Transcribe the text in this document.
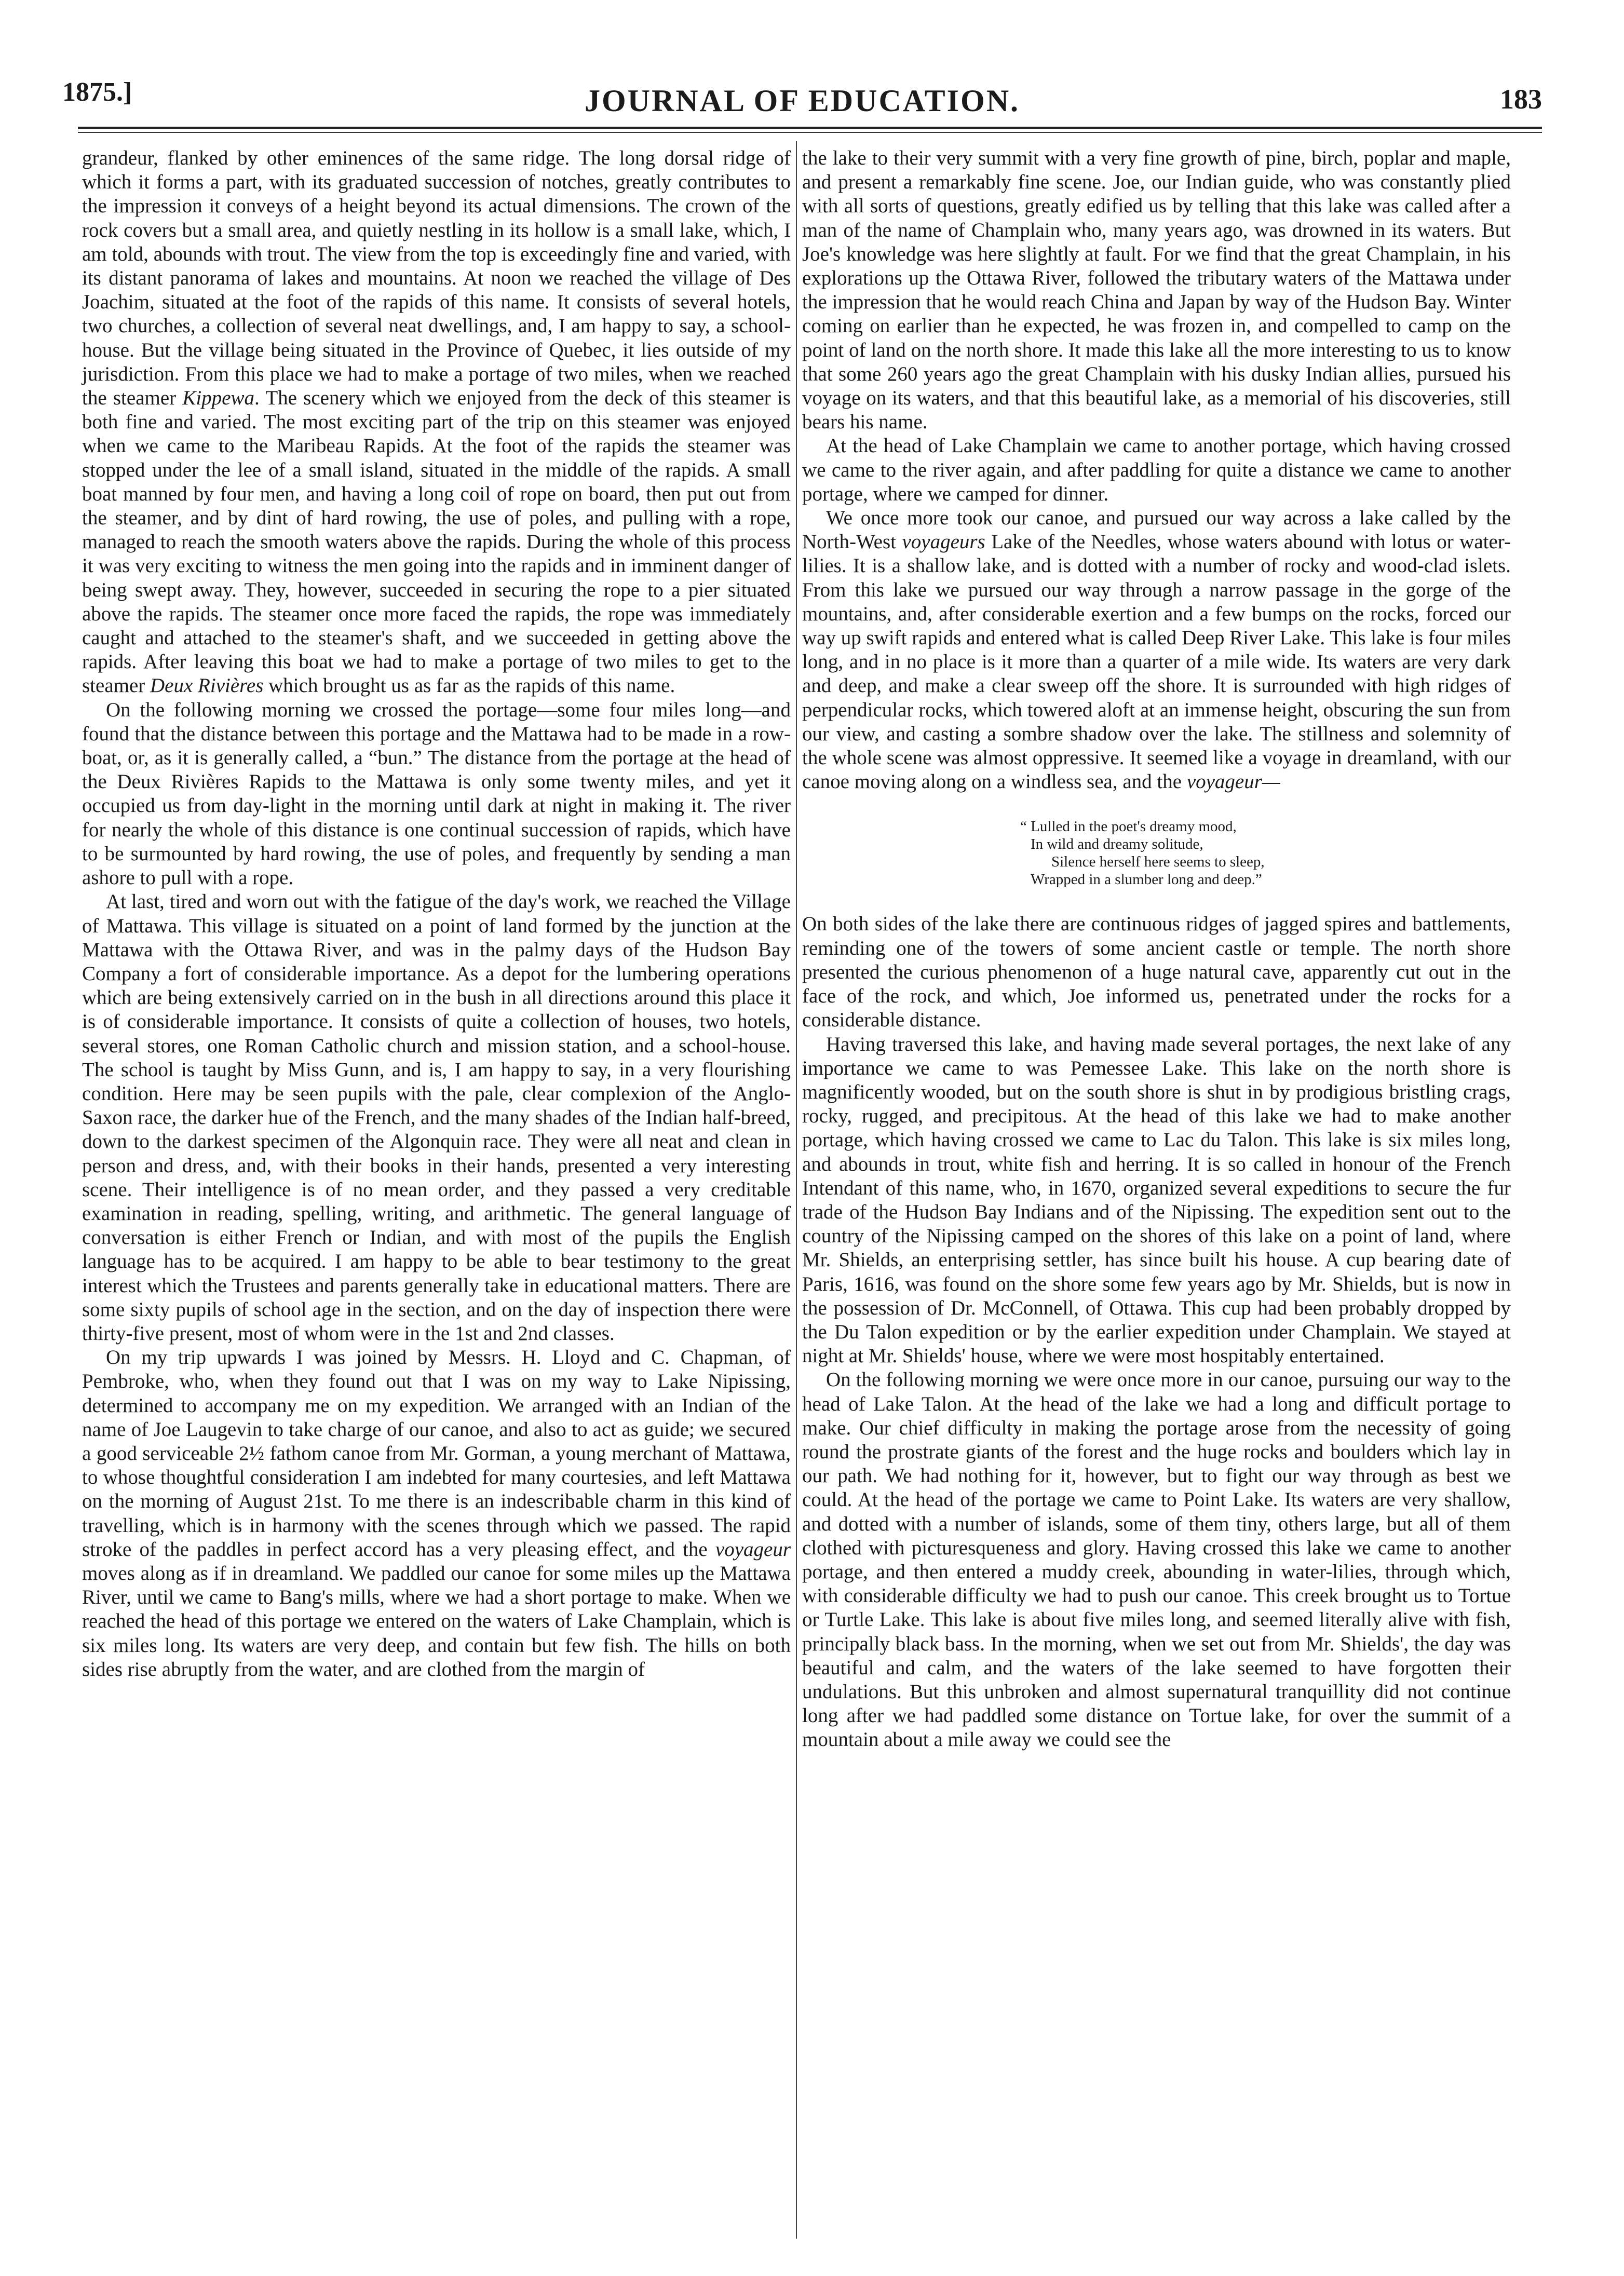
1875.]	JOURNAL OF EDUCATION.	183

grandeur, flanked by other eminences of the same ridge. The long dorsal ridge of which it forms a part, with its graduated succession of notches, greatly contributes to the impression it conveys of a height beyond its actual dimensions. The crown of the rock covers but a small area, and quietly nestling in its hollow is a small lake, which, I am told, abounds with trout. The view from the top is exceedingly fine and varied, with its distant panorama of lakes and mountains. At noon we reached the village of Des Joachim, situated at the foot of the rapids of this name. It consists of several hotels, two churches, a collection of several neat dwellings, and, I am happy to say, a school-house. But the village being situated in the Province of Quebec, it lies outside of my jurisdiction. From this place we had to make a portage of two miles, when we reached the steamer Kippewa. The scenery which we enjoyed from the deck of this steamer is both fine and varied. The most exciting part of the trip on this steamer was enjoyed when we came to the Maribeau Rapids. At the foot of the rapids the steamer was stopped under the lee of a small island, situated in the middle of the rapids. A small boat manned by four men, and having a long coil of rope on board, then put out from the steamer, and by dint of hard rowing, the use of poles, and pulling with a rope, managed to reach the smooth waters above the rapids. During the whole of this process it was very exciting to witness the men going into the rapids and in imminent danger of being swept away. They, however, succeeded in securing the rope to a pier situated above the rapids. The steamer once more faced the rapids, the rope was immediately caught and attached to the steamer's shaft, and we succeeded in getting above the rapids. After leaving this boat we had to make a portage of two miles to get to the steamer Deux Rivières which brought us as far as the rapids of this name.

On the following morning we crossed the portage—some four miles long—and found that the distance between this portage and the Mattawa had to be made in a row-boat, or, as it is generally called, a “bun.” The distance from the portage at the head of the Deux Rivières Rapids to the Mattawa is only some twenty miles, and yet it occupied us from day-light in the morning until dark at night in making it. The river for nearly the whole of this distance is one continual succession of rapids, which have to be surmounted by hard rowing, the use of poles, and frequently by sending a man ashore to pull with a rope.

At last, tired and worn out with the fatigue of the day's work, we reached the Village of Mattawa. This village is situated on a point of land formed by the junction at the Mattawa with the Ottawa River, and was in the palmy days of the Hudson Bay Company a fort of considerable importance. As a depot for the lumbering operations which are being extensively carried on in the bush in all directions around this place it is of considerable importance. It consists of quite a collection of houses, two hotels, several stores, one Roman Catholic church and mission station, and a school-house. The school is taught by Miss Gunn, and is, I am happy to say, in a very flourishing condition. Here may be seen pupils with the pale, clear complexion of the Anglo-Saxon race, the darker hue of the French, and the many shades of the Indian half-breed, down to the darkest specimen of the Algonquin race. They were all neat and clean in person and dress, and, with their books in their hands, presented a very interesting scene. Their intelligence is of no mean order, and they passed a very creditable examination in reading, spelling, writing, and arithmetic. The general language of conversation is either French or Indian, and with most of the pupils the English language has to be acquired. I am happy to be able to bear testimony to the great interest which the Trustees and parents generally take in educational matters. There are some sixty pupils of school age in the section, and on the day of inspection there were thirty-five present, most of whom were in the 1st and 2nd classes.

On my trip upwards I was joined by Messrs. H. Lloyd and C. Chapman, of Pembroke, who, when they found out that I was on my way to Lake Nipissing, determined to accompany me on my expedition. We arranged with an Indian of the name of Joe Laugevin to take charge of our canoe, and also to act as guide; we secured a good serviceable 2½ fathom canoe from Mr. Gorman, a young merchant of Mattawa, to whose thoughtful consideration I am indebted for many courtesies, and left Mattawa on the morning of August 21st. To me there is an indescribable charm in this kind of travelling, which is in harmony with the scenes through which we passed. The rapid stroke of the paddles in perfect accord has a very pleasing effect, and the voyageur moves along as if in dreamland. We paddled our canoe for some miles up the Mattawa River, until we came to Bang's mills, where we had a short portage to make. When we reached the head of this portage we entered on the waters of Lake Champlain, which is six miles long. Its waters are very deep, and contain but few fish. The hills on both sides rise abruptly from the water, and are clothed from the margin of

the lake to their very summit with a very fine growth of pine, birch, poplar and maple, and present a remarkably fine scene. Joe, our Indian guide, who was constantly plied with all sorts of questions, greatly edified us by telling that this lake was called after a man of the name of Champlain who, many years ago, was drowned in its waters. But Joe's knowledge was here slightly at fault. For we find that the great Champlain, in his explorations up the Ottawa River, followed the tributary waters of the Mattawa under the impression that he would reach China and Japan by way of the Hudson Bay. Winter coming on earlier than he expected, he was frozen in, and compelled to camp on the point of land on the north shore. It made this lake all the more interesting to us to know that some 260 years ago the great Champlain with his dusky Indian allies, pursued his voyage on its waters, and that this beautiful lake, as a memorial of his discoveries, still bears his name.

At the head of Lake Champlain we came to another portage, which having crossed we came to the river again, and after paddling for quite a distance we came to another portage, where we camped for dinner.

We once more took our canoe, and pursued our way across a lake called by the North-West voyageurs Lake of the Needles, whose waters abound with lotus or water-lilies. It is a shallow lake, and is dotted with a number of rocky and wood-clad islets. From this lake we pursued our way through a narrow passage in the gorge of the mountains, and, after considerable exertion and a few bumps on the rocks, forced our way up swift rapids and entered what is called Deep River Lake. This lake is four miles long, and in no place is it more than a quarter of a mile wide. Its waters are very dark and deep, and make a clear sweep off the shore. It is surrounded with high ridges of perpendicular rocks, which towered aloft at an immense height, obscuring the sun from our view, and casting a sombre shadow over the lake. The stillness and solemnity of the whole scene was almost oppressive. It seemed like a voyage in dreamland, with our canoe moving along on a windless sea, and the voyageur—

“ Lulled in the poet's dreamy mood,
In wild and dreamy solitude,
Silence herself here seems to sleep,
Wrapped in a slumber long and deep.”

On both sides of the lake there are continuous ridges of jagged spires and battlements, reminding one of the towers of some ancient castle or temple. The north shore presented the curious phenomenon of a huge natural cave, apparently cut out in the face of the rock, and which, Joe informed us, penetrated under the rocks for a considerable distance.

Having traversed this lake, and having made several portages, the next lake of any importance we came to was Pemessee Lake. This lake on the north shore is magnificently wooded, but on the south shore is shut in by prodigious bristling crags, rocky, rugged, and precipitous. At the head of this lake we had to make another portage, which having crossed we came to Lac du Talon. This lake is six miles long, and abounds in trout, white fish and herring. It is so called in honour of the French Intendant of this name, who, in 1670, organized several expeditions to secure the fur trade of the Hudson Bay Indians and of the Nipissing. The expedition sent out to the country of the Nipissing camped on the shores of this lake on a point of land, where Mr. Shields, an enterprising settler, has since built his house. A cup bearing date of Paris, 1616, was found on the shore some few years ago by Mr. Shields, but is now in the possession of Dr. McConnell, of Ottawa. This cup had been probably dropped by the Du Talon expedition or by the earlier expedition under Champlain. We stayed at night at Mr. Shields' house, where we were most hospitably entertained.

On the following morning we were once more in our canoe, pursuing our way to the head of Lake Talon. At the head of the lake we had a long and difficult portage to make. Our chief difficulty in making the portage arose from the necessity of going round the prostrate giants of the forest and the huge rocks and boulders which lay in our path. We had nothing for it, however, but to fight our way through as best we could. At the head of the portage we came to Point Lake. Its waters are very shallow, and dotted with a number of islands, some of them tiny, others large, but all of them clothed with picturesqueness and glory. Having crossed this lake we came to another portage, and then entered a muddy creek, abounding in water-lilies, through which, with considerable difficulty we had to push our canoe. This creek brought us to Tortue or Turtle Lake. This lake is about five miles long, and seemed literally alive with fish, principally black bass. In the morning, when we set out from Mr. Shields', the day was beautiful and calm, and the waters of the lake seemed to have forgotten their undulations. But this unbroken and almost supernatural tranquillity did not continue long after we had paddled some distance on Tortue lake, for over the summit of a mountain about a mile away we could see the
